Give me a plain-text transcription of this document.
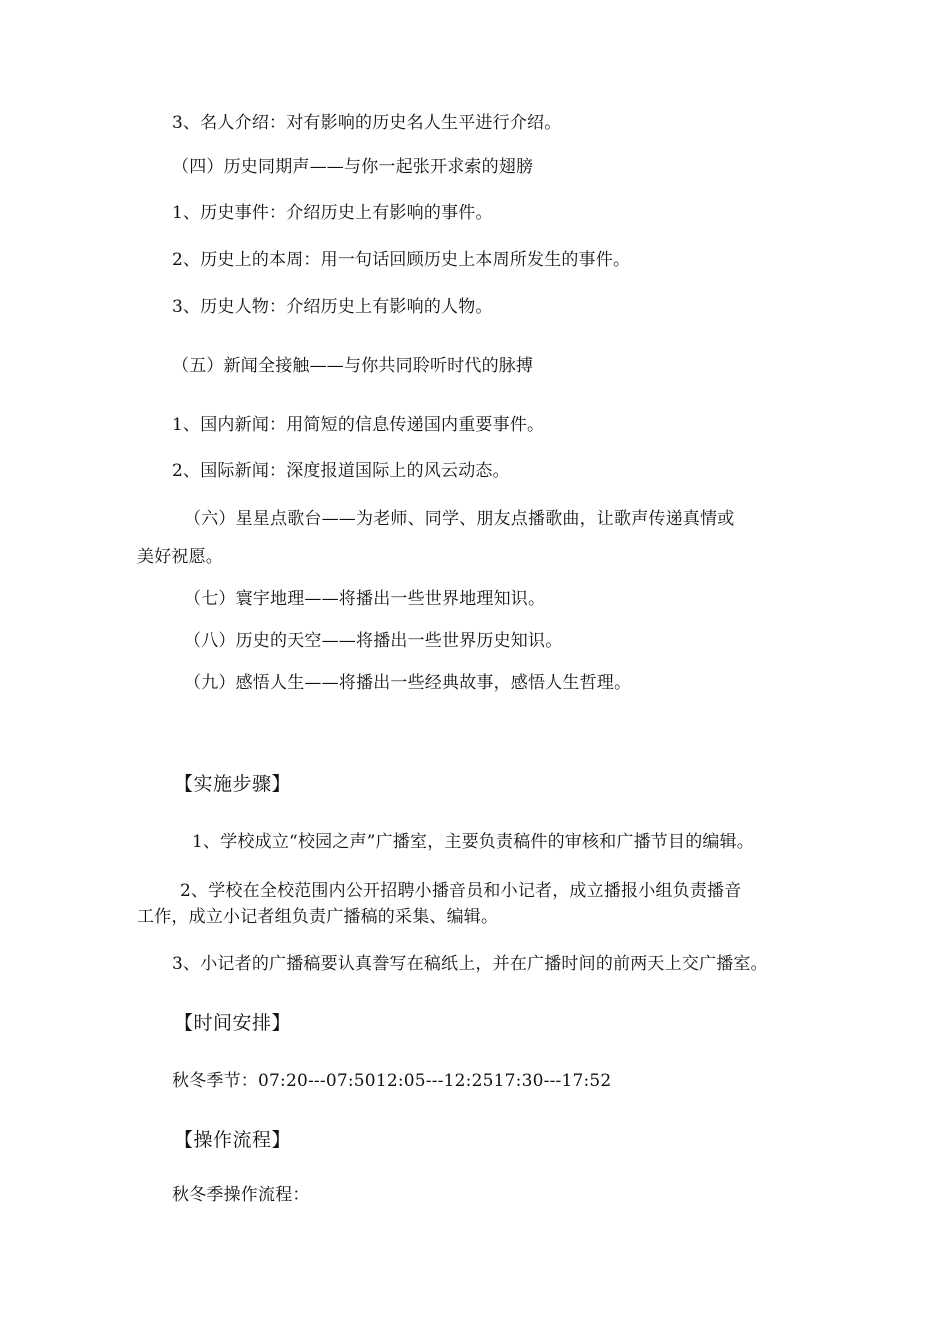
3、名人介绍：对有影响的历史名人生平进行介绍。
（四）历史同期声——与你一起张开求索的翅膀
1、历史事件：介绍历史上有影响的事件。
2、历史上的本周：用一句话回顾历史上本周所发生的事件。
3、历史人物：介绍历史上有影响的人物。
（五）新闻全接触——与你共同聆听时代的脉搏
1、国内新闻：用简短的信息传递国内重要事件。
2、国际新闻：深度报道国际上的风云动态。
（六）星星点歌台——为老师、同学、朋友点播歌曲，让歌声传递真情或
美好祝愿。
（七）寰宇地理——将播出一些世界地理知识。
（八）历史的天空——将播出一些世界历史知识。
（九）感悟人生——将播出一些经典故事，感悟人生哲理。
【实施步骤】
1、学校成立“校园之声”广播室，主要负责稿件的审核和广播节目的编辑。
2、学校在全校范围内公开招聘小播音员和小记者，成立播报小组负责播音
工作，成立小记者组负责广播稿的采集、编辑。
3、小记者的广播稿要认真誊写在稿纸上，并在广播时间的前两天上交广播室。
【时间安排】
秋冬季节：07:20---07:5012:05---12:2517:30---17:52
【操作流程】
秋冬季操作流程：
